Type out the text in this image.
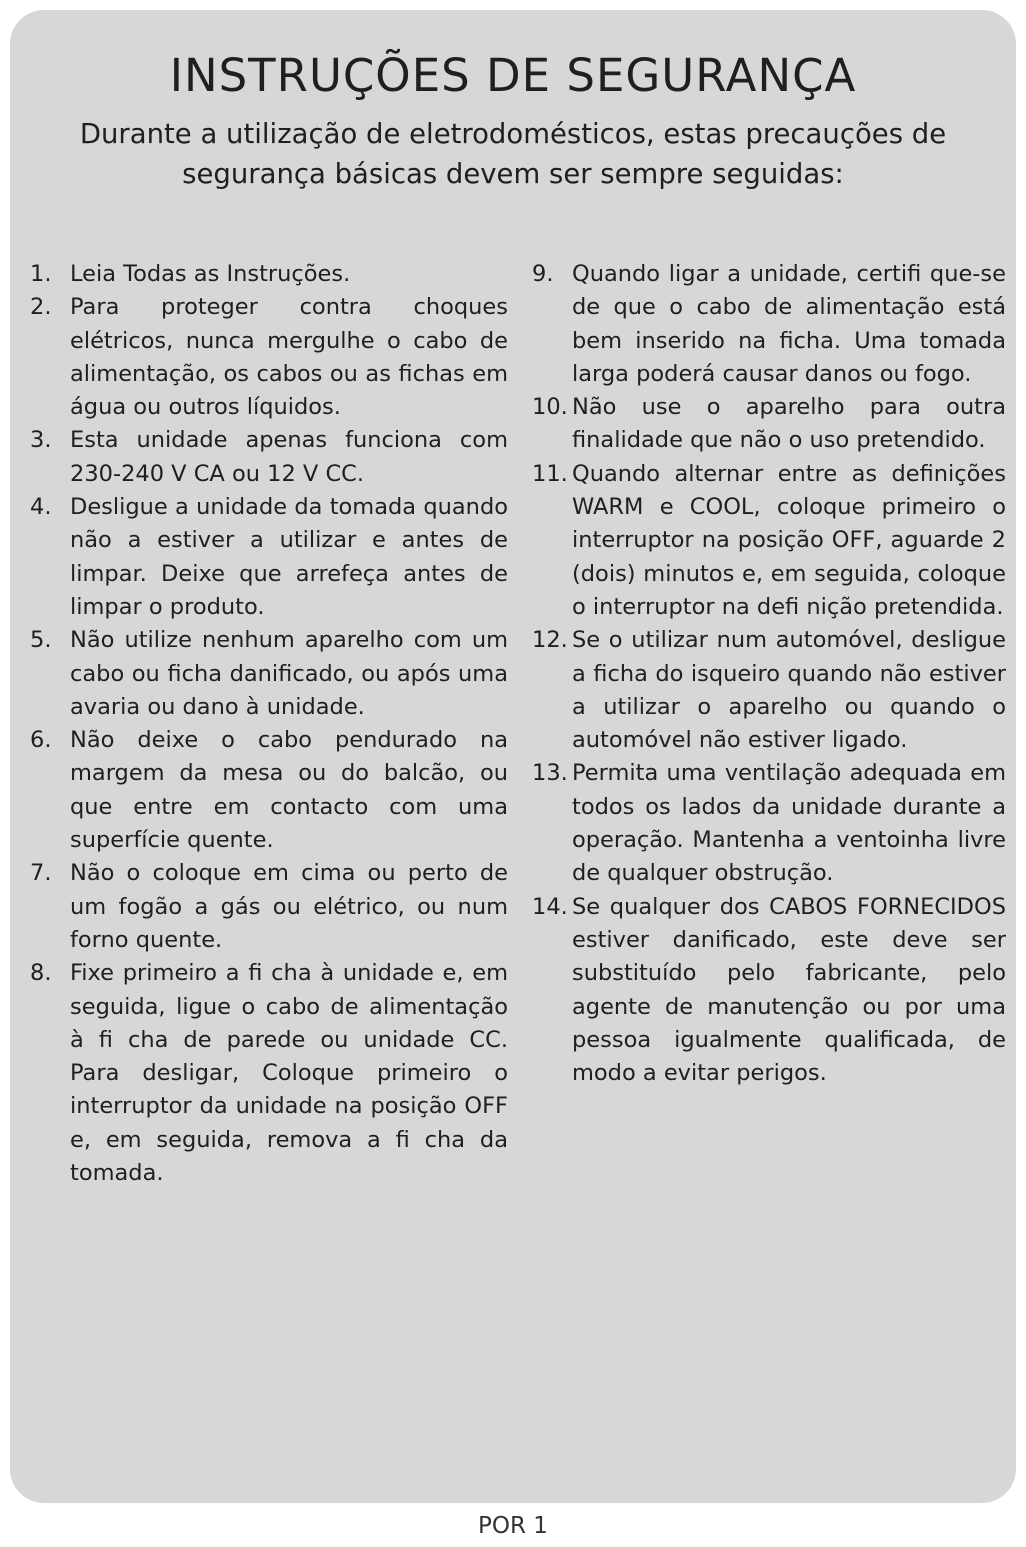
INSTRUÇÕES DE SEGURANÇA

Durante a utilização de eletrodomésticos, estas precauções de segurança básicas devem ser sempre seguidas:

1. Leia Todas as Instruções.
2. Para proteger contra choques elétricos, nunca mergulhe o cabo de alimentação, os cabos ou as fichas em água ou outros líquidos.
3. Esta unidade apenas funciona com 230-240 V CA ou 12 V CC.
4. Desligue a unidade da tomada quando não a estiver a utilizar e antes de limpar. Deixe que arrefeça antes de limpar o produto.
5. Não utilize nenhum aparelho com um cabo ou ficha danificado, ou após uma avaria ou dano à unidade.
6. Não deixe o cabo pendurado na margem da mesa ou do balcão, ou que entre em contacto com uma superfície quente.
7. Não o coloque em cima ou perto de um fogão a gás ou elétrico, ou num forno quente.
8. Fixe primeiro a fi cha à unidade e, em seguida, ligue o cabo de alimentação à fi cha de parede ou unidade CC. Para desligar, Coloque primeiro o interruptor da unidade na posição OFF e, em seguida, remova a fi cha da tomada.
9. Quando ligar a unidade, certifi que-se de que o cabo de alimentação está bem inserido na ficha. Uma tomada larga poderá causar danos ou fogo.
10. Não use o aparelho para outra finalidade que não o uso pretendido.
11. Quando alternar entre as definições WARM e COOL, coloque primeiro o interruptor na posição OFF, aguarde 2 (dois) minutos e, em seguida, coloque o interruptor na defi nição pretendida.
12. Se o utilizar num automóvel, desligue a ficha do isqueiro quando não estiver a utilizar o aparelho ou quando o automóvel não estiver ligado.
13. Permita uma ventilação adequada em todos os lados da unidade durante a operação. Mantenha a ventoinha livre de qualquer obstrução.
14. Se qualquer dos CABOS FORNECIDOS estiver danificado, este deve ser substituído pelo fabricante, pelo agente de manutenção ou por uma pessoa igualmente qualificada, de modo a evitar perigos.
POR 1
